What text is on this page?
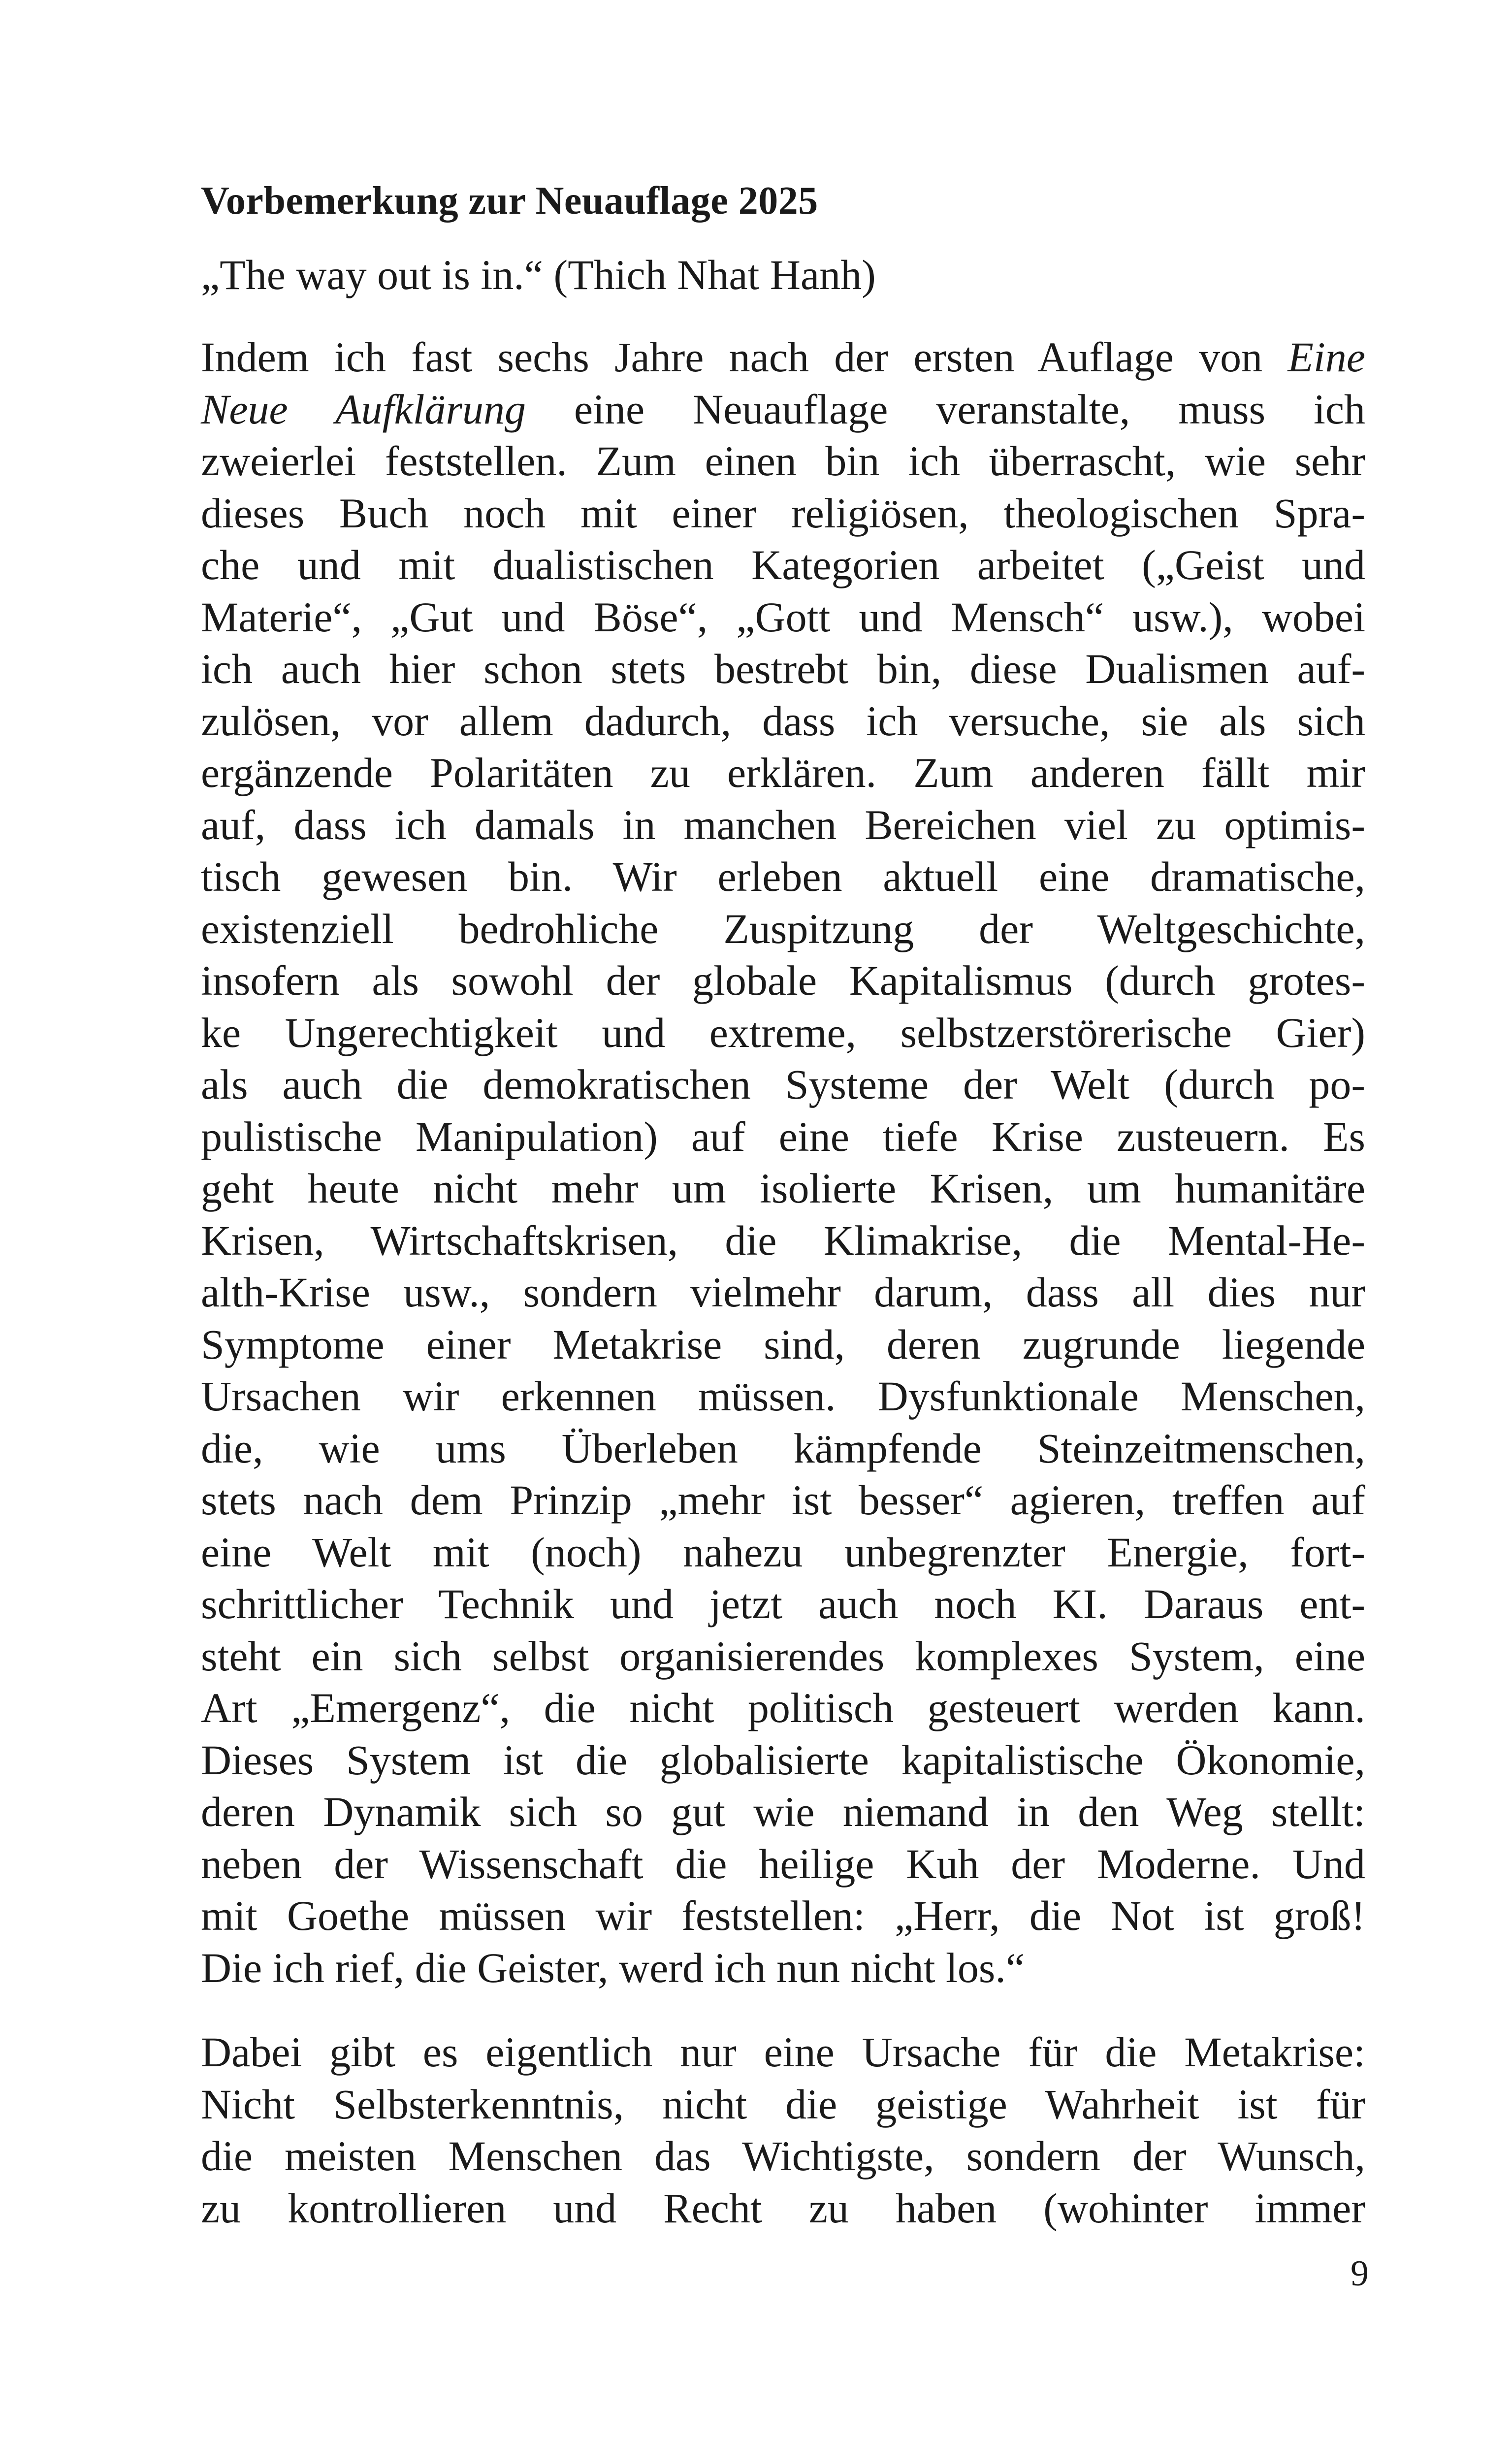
Vorbemerkung zur Neuauflage 2025

„The way out is in.“ (Thich Nhat Hanh)

Indem ich fast sechs Jahre nach der ersten Auflage von Eine
Neue Aufklärung eine Neuauflage veranstalte, muss ich
zweierlei feststellen. Zum einen bin ich überrascht, wie sehr
dieses Buch noch mit einer religiösen, theologischen Spra-
che und mit dualistischen Kategorien arbeitet („Geist und
Materie“, „Gut und Böse“, „Gott und Mensch“ usw.), wobei
ich auch hier schon stets bestrebt bin, diese Dualismen auf-
zulösen, vor allem dadurch, dass ich versuche, sie als sich
ergänzende Polaritäten zu erklären. Zum anderen fällt mir
auf, dass ich damals in manchen Bereichen viel zu optimis-
tisch gewesen bin. Wir erleben aktuell eine dramatische,
existenziell bedrohliche Zuspitzung der Weltgeschichte,
insofern als sowohl der globale Kapitalismus (durch grotes-
ke Ungerechtigkeit und extreme, selbstzerstörerische Gier)
als auch die demokratischen Systeme der Welt (durch po-
pulistische Manipulation) auf eine tiefe Krise zusteuern. Es
geht heute nicht mehr um isolierte Krisen, um humanitäre
Krisen, Wirtschaftskrisen, die Klimakrise, die Mental-He-
alth-Krise usw., sondern vielmehr darum, dass all dies nur
Symptome einer Metakrise sind, deren zugrunde liegende
Ursachen wir erkennen müssen. Dysfunktionale Menschen,
die, wie ums Überleben kämpfende Steinzeitmenschen,
stets nach dem Prinzip „mehr ist besser“ agieren, treffen auf
eine Welt mit (noch) nahezu unbegrenzter Energie, fort-
schrittlicher Technik und jetzt auch noch KI. Daraus ent-
steht ein sich selbst organisierendes komplexes System, eine
Art „Emergenz“, die nicht politisch gesteuert werden kann.
Dieses System ist die globalisierte kapitalistische Ökonomie,
deren Dynamik sich so gut wie niemand in den Weg stellt:
neben der Wissenschaft die heilige Kuh der Moderne. Und
mit Goethe müssen wir feststellen: „Herr, die Not ist groß!
Die ich rief, die Geister, werd ich nun nicht los.“

Dabei gibt es eigentlich nur eine Ursache für die Metakrise:
Nicht Selbsterkenntnis, nicht die geistige Wahrheit ist für
die meisten Menschen das Wichtigste, sondern der Wunsch,
zu kontrollieren und Recht zu haben (wohinter immer

9
